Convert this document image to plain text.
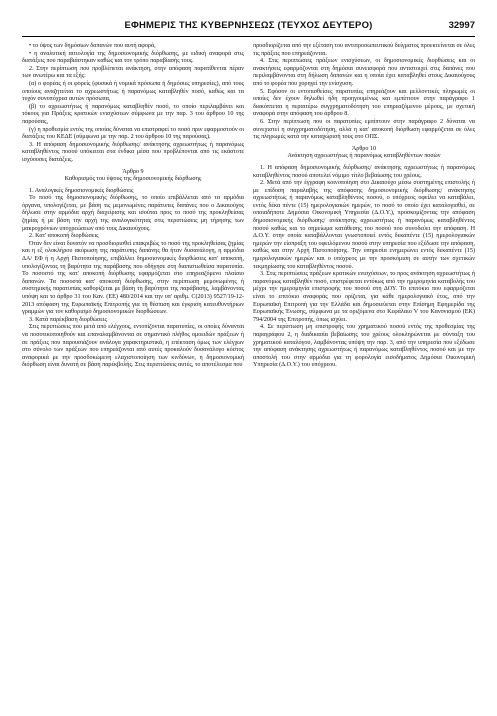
ΕΦΗΜΕΡΙΣ ΤΗΣ ΚΥΒΕΡΝΗΣΕΩΣ (ΤΕΥΧΟΣ ΔΕΥΤΕΡΟ)	32997

• το ύψος των δημόσιων δαπανών που αυτή αφορά,

• η αναλυτική αιτιολογία της δημοσιονομικής διόρθωσης, με ειδική αναφορά στις διατάξεις που παραβιάστηκαν καθώς και τον τρόπο παραβίασής τους.

2. Στην περίπτωση που προβλέπεται ανάκτηση, στην απόφαση παρατίθενται πέραν των ανωτέρω και τα εξής:

(α) ο φορέας ή οι φορείς (φυσικά ή νομικά πρόσωπα ή δημόσιες υπηρεσίες), από τους οποίους αναζητείται το αχρεωστήτως ή παρανόμως καταβληθέν ποσό, καθώς και τα τυχόν συνυπόχρεα αυτών πρόσωπα,

(β) το αχρεωστήτως ή παρανόμως καταβληθέν ποσό, το οποίο περιλαμβάνει και τόκους για Πράξεις κρατικών ενισχύσεων σύμφωνα με την παρ. 3 του άρθρου 10 της παρούσας,

(γ) η προθεσμία εντός της οποίας δύναται να επιστραφεί το ποσό πριν εφαρμοστούν οι διατάξεις του ΚΕΔΕ (σύμφωνα με την παρ. 2 του άρθρου 10 της παρούσας).

3. Η απόφαση δημοσιονομικής διόρθωσης/ ανάκτησης αχρεωστήτως ή παρανόμως καταβληθέντος ποσού υπόκειται στα ένδικα μέσα που προβλέπονται από τις εκάστοτε ισχύουσες διατάξεις.

Άρθρο 9

Καθορισμός του ύψους της δημοσιονομικής διόρθωσης

1. Αναλογικές δημοσιονομικές διορθώσεις

Το ποσό της δημοσιονομικής διόρθωσης, το οποίο επιβάλλεται από τα αρμόδια όργανα, υπολογίζεται, με βάση τις μεμονωμένες παράτυπες δαπάνες που ο Δικαιούχος δήλωσε στην αρμόδια αρχή διαχείρισης και ισούται προς το ποσό της προκληθείσας ζημίας ή με βάση την αρχή της αναλογικότητας στις περιπτώσεις μη τήρησης των μακροχρόνιων υποχρεώσεων από τους Δικαιούχους.

2. Κατ' αποκοπή διορθώσεις

Όταν δεν είναι δυνατόν να προσδιορισθεί επακριβώς το ποσό της προκληθείσας ζημίας και η εξ ολοκλήρου ακύρωση της παράτυπης δαπάνης θα ήταν δυσανάλογη, η αρμόδια ΔΑ/ ΕΦ ή η Αρχή Πιστοποίησης, επιβάλλει δημοσιονομικές διορθώσεις κατ' αποκοπή, υπολογίζοντας τη βαρύτητα της παράβασης που οδήγησε στη διαπιστωθείσα παρατυπία. Το ποσοστό της κατ' αποκοπή διόρθωσης εφαρμόζεται στο επηρεαζόμενο πλαίσιο δαπανών. Τα ποσοστά κατ' αποκοπή διόρθωσης, στην περίπτωση μεμονωμένης ή συστημικής παρατυπίας καθορίζεται με βάση τη βαρύτητα της παράβασης, λαμβάνοντας υπόψη και το άρθρο 31 του Καν. (ΕΕ) 480/2014 και την υπ' αριθμ. C(2013) 9527/19-12-2013 απόφαση της Ευρωπαϊκής Επιτροπής για τη θέσπιση και έγκριση κατευθυντήριων γραμμών για τον καθορισμό δημοσιονομικών διορθώσεων.

3. Κατά παρέκβαση διορθώσεις

Στις περιπτώσεις που μετά από ελέγχους, εντοπίζονται παρατυπίες, οι οποίες δύνανται να ποσοτικοποιηθούν και επαναλαμβάνονται σε σημαντικό πλήθος ομοειδών πράξεων ή σε πράξεις που παρουσιάζουν ανάλογα χαρακτηριστικά, η επέκταση όμως των ελέγχων στο σύνολο των πράξεων που επηρεάζονται από αυτές προκαλούν δυσανάλογο κόστος αναφορικά με την προσδοκώμενη ελαχιστοποίηση των κινδύνων, η δημοσιονομική διόρθωση είναι δυνατή σε βάση παρέκβολής. Στις περιπτώσεις αυτές, το αποτέλεσμα που

προσδιορίζεται από την εξέταση του αντιπροσωπευτικού δείγματος προεκτείνεται σε όλες τις πράξεις που επηρεάζονται.

4. Στις περιπτώσεις πράξεων ενισχύσεων, οι δημοσιονομικές διορθώσεις και οι ανακτήσεις εφαρμόζονται στη δημόσια συνεισφορά που αντιστοιχεί στις δαπάνες που περιλαμβάνονται στη δήλωση δαπανών και η οποία έχει καταβληθεί στους Δικαιούχους από το φορέα που χορηγεί την ενίσχυση.

5. Εφόσον οι εντοπισθείσες παρατυπίες επηρεάζουν και μελλοντικές πληρωμές οι οποίες δεν έχουν δηλωθεί ήδη προηγουμένως και εμπίπτουν στην παράγραφο 1 διακόπτεται η περαιτέρω συγχρηματοδότηση του επηρεαζόμενου μέρους, με σχετική αναφορά στην απόφαση του άρθρου 8.

6. Στην περίπτωση που οι παρατυπίες εμπίπτουν στην παράγραφο 2 δύναται να συνεχιστεί η συγχρηματοδότηση, αλλά η κατ' αποκοπή διόρθωση εφαρμόζεται σε όλες τις πληρωμές κατά την καταχώρισή τους στο ΟΠΣ.

Άρθρο 10

Ανάκτηση αχρεωστήτως ή παρανόμως καταβληθέντων ποσών

1. Η απόφαση δημοσιονομικής διόρθωσης/ ανάκτησης αχρεωστήτως ή παρανόμως καταβληθέντος ποσού αποτελεί νόμιμο τίτλο βεβαίωσης του χρέους.

2. Μετά από την έγγραφη κοινοποίηση στο Δικαιούχο μέσω συστημένης επιστολής ή με επίδοση παραλαβής της απόφασης δημοσιονομικής διόρθωσης/ ανάκτησης αχρεωστήτως ή παρανόμως καταβληθέντος ποσού, ο υπόχρεος οφείλει να καταβάλει, εντός δέκα πέντε (15) ημερολογιακών ημερών, το ποσό το οποίο έχει καταλογισθεί, σε οποιαδήποτε Δημόσια Οικονομική Υπηρεσία (Δ.Ο.Υ.), προσκομίζοντας την απόφαση δημοσιονομικής διόρθωσης/ ανάκτησης αχρεωστήτως ή παρανόμως καταβληθέντος ποσού καθώς και το σημείωμα κατάθεσης του ποσού που συνοδεύει την απόφαση. Η Δ.Ο.Υ. στην οποία καταβάλλονται γνωστοποιεί εντός δεκαπέντε (15) ημερολογιακών ημερών την είσπραξη του οφειλόμενου ποσού στην υπηρεσία που εξέδωσε την απόφαση, καθώς και στην Αρχή Πιστοποίησης. Την υπηρεσία ενημερώνει εντός δεκαπέντε (15) ημερολογιακών ημερών και ο υπόχρεος με την προσκόμιση σε αυτήν των σχετικών τεκμηρίωσης του καταβληθέντος ποσού.

3. Στις περιπτώσεις πράξεων κρατικών ενισχύσεων, το προς ανάκτηση αχρεωστήτως ή παρανόμως καταβληθέν ποσό, επιστρέφεται εντόκως από την ημερομηνία καταβολής του μέχρι την ημερομηνία επιστροφής του ποσού στη ΔΟΥ. Το επιτόκιο που εφαρμόζεται είναι το επιτόκιο αναφοράς που ορίζεται, για κάθε ημερολογιακό έτος, από την Ευρωπαϊκή Επιτροπή για την Ελλάδα και δημοσιεύεται στην Επίσημη Εφημερίδα της Ευρωπαϊκής Ένωσης, σύμφωνα με τα οριζόμενα στο Κεφάλαιο V του Κανονισμού (ΕΚ) 794/2004 της Επιτροπής, όπως ισχύει.

4. Σε περίπτωση μη επιστροφής του χρηματικού ποσού εντός της προθεσμίας της παραγράφου 2, η διαδικασία βεβαίωσης του χρέους ολοκληρώνεται με σύνταξη του χρηματικού καταλόγου, λαμβάνοντας υπόψη την παρ. 3, από την υπηρεσία που εξέδωσε την απόφαση ανάκτησης αχρεωστήτως ή παρανόμως καταβληθέντος ποσού και με την αποστολή του στην αρμόδια για τη φορολογία εισοδήματος Δημόσια Οικονομική Υπηρεσία (Δ.Ο.Υ.) του υπόχρεου.
